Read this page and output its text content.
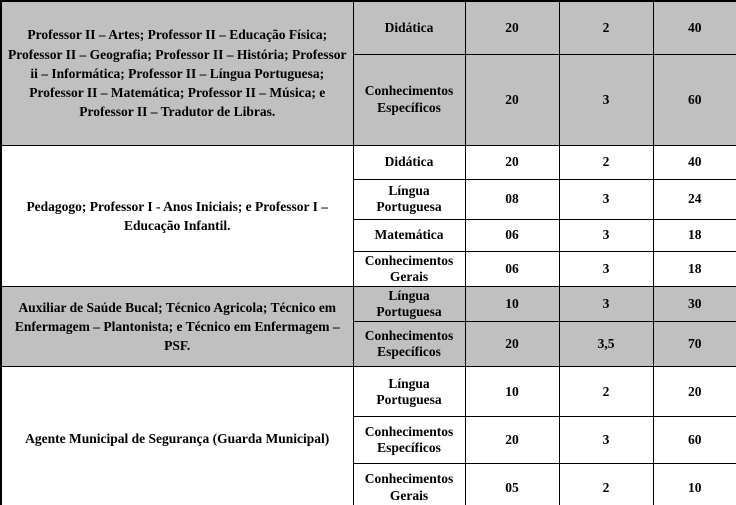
Professor II – Artes; Professor II – Educação Física; Professor II – Geografia; Professor II – História; Professor ii – Informática; Professor II – Língua Portuguesa; Professor II – Matemática; Professor II – Música; e Professor II – Tradutor de Libras.	Didática	20	2	40
	Conhecimentos Específicos	20	3	60
Pedagogo; Professor I - Anos Iniciais; e Professor I – Educação Infantil.	Didática	20	2	40
	Língua Portuguesa	08	3	24
	Matemática	06	3	18
	Conhecimentos Gerais	06	3	18
Auxiliar de Saúde Bucal; Técnico Agricola; Técnico em Enfermagem – Plantonista; e Técnico em Enfermagem – PSF.	Língua Portuguesa	10	3	30
	Conhecimentos Específicos	20	3,5	70
Agente Municipal de Segurança (Guarda Municipal)	Língua Portuguesa	10	2	20
	Conhecimentos Específicos	20	3	60
	Conhecimentos Gerais	05	2	10
